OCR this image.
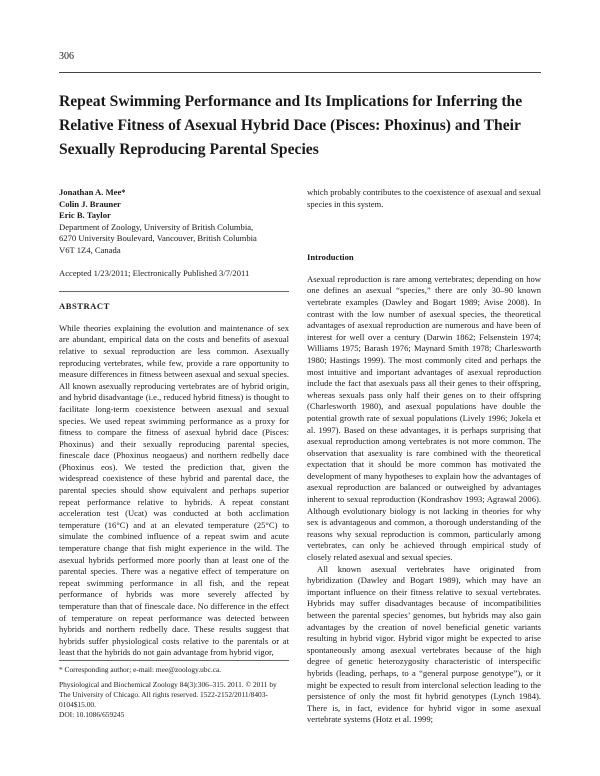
306
Repeat Swimming Performance and Its Implications for Inferring the Relative Fitness of Asexual Hybrid Dace (Pisces: Phoxinus) and Their Sexually Reproducing Parental Species
Jonathan A. Mee*
Colin J. Brauner
Eric B. Taylor
Department of Zoology, University of British Columbia,
6270 University Boulevard, Vancouver, British Columbia
V6T 1Z4, Canada
Accepted 1/23/2011; Electronically Published 3/7/2011
ABSTRACT

While theories explaining the evolution and maintenance of sex are abundant, empirical data on the costs and benefits of asexual relative to sexual reproduction are less common. Asexually reproducing vertebrates, while few, provide a rare opportunity to measure differences in fitness between asexual and sexual species. All known asexually reproducing vertebrates are of hybrid origin, and hybrid disadvantage (i.e., reduced hybrid fitness) is thought to facilitate long-term coexistence between asexual and sexual species. We used repeat swimming performance as a proxy for fitness to compare the fitness of asexual hybrid dace (Pisces: Phoxinus) and their sexually reproducing parental species, finescale dace (Phoxinus neogaeus) and northern redbelly dace (Phoxinus eos). We tested the prediction that, given the widespread coexistence of these hybrid and parental dace, the parental species should show equivalent and perhaps superior repeat performance relative to hybrids. A repeat constant acceleration test (Ucat) was conducted at both acclimation temperature (16°C) and at an elevated temperature (25°C) to simulate the combined influence of a repeat swim and acute temperature change that fish might experience in the wild. The asexual hybrids performed more poorly than at least one of the parental species. There was a negative effect of temperature on repeat swimming performance in all fish, and the repeat performance of hybrids was more severely affected by temperature than that of finescale dace. No difference in the effect of temperature on repeat performance was detected between hybrids and northern redbelly dace. These results suggest that hybrids suffer physiological costs relative to the parentals or at least that the hybrids do not gain advantage from hybrid vigor,

which probably contributes to the coexistence of asexual and sexual species in this system.

Introduction

Asexual reproduction is rare among vertebrates; depending on how one defines an asexual “species,” there are only 30–90 known vertebrate examples (Dawley and Bogart 1989; Avise 2008). In contrast with the low number of asexual species, the theoretical advantages of asexual reproduction are numerous and have been of interest for well over a century (Darwin 1862; Felsenstein 1974; Williams 1975; Barash 1976; Maynard Smith 1978; Charlesworth 1980; Hastings 1999). The most commonly cited and perhaps the most intuitive and important advantages of asexual reproduction include the fact that asexuals pass all their genes to their offspring, whereas sexuals pass only half their genes on to their offspring (Charlesworth 1980), and asexual populations have double the potential growth rate of sexual populations (Lively 1996; Jokela et al. 1997). Based on these advantages, it is perhaps surprising that asexual reproduction among vertebrates is not more common. The observation that asexuality is rare combined with the theoretical expectation that it should be more common has motivated the development of many hypotheses to explain how the advantages of asexual reproduction are balanced or outweighed by advantages inherent to sexual reproduction (Kondrashov 1993; Agrawal 2006). Although evolutionary biology is not lacking in theories for why sex is advantageous and common, a thorough understanding of the reasons why sexual reproduction is common, particularly among vertebrates, can only be achieved through empirical study of closely related asexual and sexual species.

All known asexual vertebrates have originated from hybridization (Dawley and Bogart 1989), which may have an important influence on their fitness relative to sexual vertebrates. Hybrids may suffer disadvantages because of incompatibilities between the parental species’ genomes, but hybrids may also gain advantages by the creation of novel beneficial genetic variants resulting in hybrid vigor. Hybrid vigor might be expected to arise spontaneously among asexual vertebrates because of the high degree of genetic heterozygosity characteristic of interspecific hybrids (leading, perhaps, to a “general purpose genotype”), or it might be expected to result from interclonal selection leading to the persistence of only the most fit hybrid genotypes (Lynch 1984). There is, in fact, evidence for hybrid vigor in some asexual vertebrate systems (Hotz et al. 1999;

* Corresponding author; e-mail: mee@zoology.ubc.ca.

Physiological and Biochemical Zoology 84(3):306–315. 2011. © 2011 by The University of Chicago. All rights reserved. 1522-2152/2011/8403-0104$15.00.

DOI: 10.1086/659245
